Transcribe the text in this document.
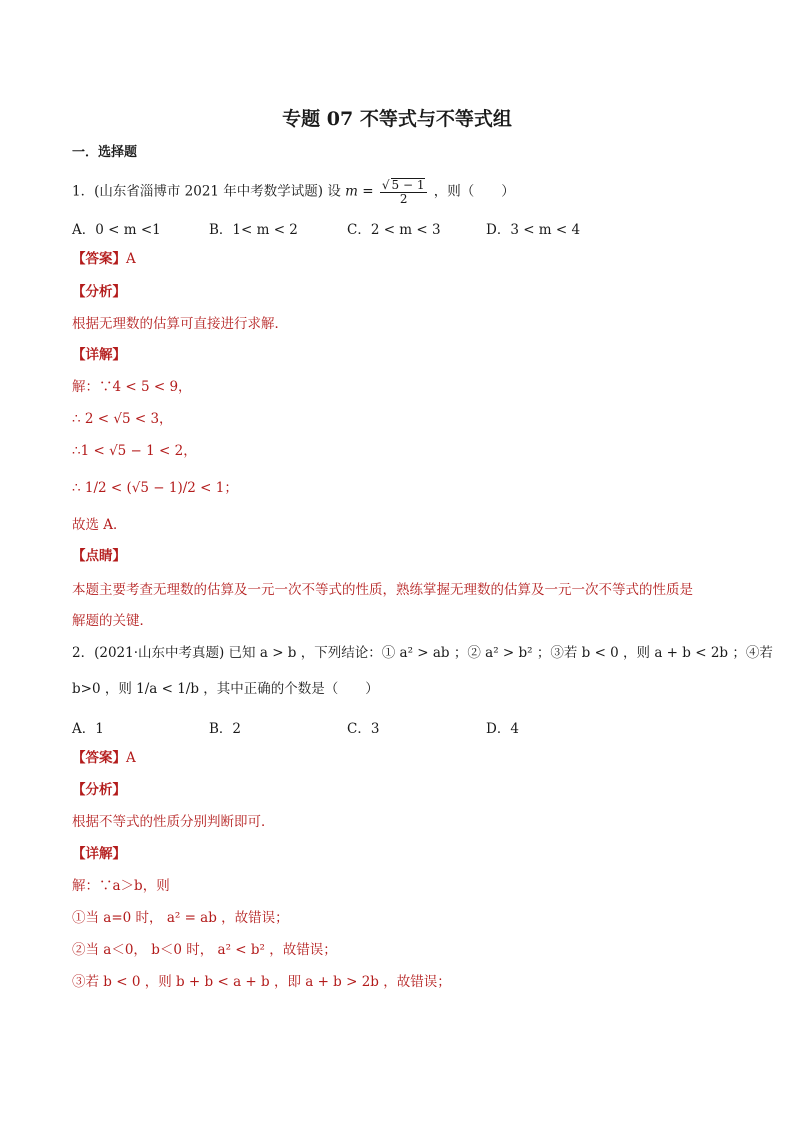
专题 07 不等式与不等式组
一．选择题
1．(山东省淄博市 2021 年中考数学试题) 设 $m = \frac{√ 5 - 1}{2}$ ，则（　　）
A．0 < m <1	B．1< m < 2	C．2 < m < 3	D．3 < m < 4
【答案】A
【分析】
根据无理数的估算可直接进行求解．
【详解】
解：∵4 < 5 < 9，
∴ 2 < √5 < 3，
∴1 < √5 − 1 < 2，
∴ 1/2 < (√5 − 1)/2 < 1；
故选 A．
【点睛】
本题主要考查无理数的估算及一元一次不等式的性质，熟练掌握无理数的估算及一元一次不等式的性质是
解题的关键．
2．(2021·山东中考真题) 已知 a > b ，下列结论：① a² > ab ；② a² > b² ；③若 b < 0 ，则 a + b < 2b ；④若
b>0 ，则 1/a < 1/b ，其中正确的个数是（　　）
A．1	B．2	C．3	D．4
【答案】A
【分析】
根据不等式的性质分别判断即可．
【详解】
解：∵a＞b，则
①当 a=0 时， a² = ab ，故错误；
②当 a＜0， b＜0 时， a² < b² ，故错误；
③若 b < 0 ，则 b + b < a + b ，即 a + b > 2b ，故错误；
